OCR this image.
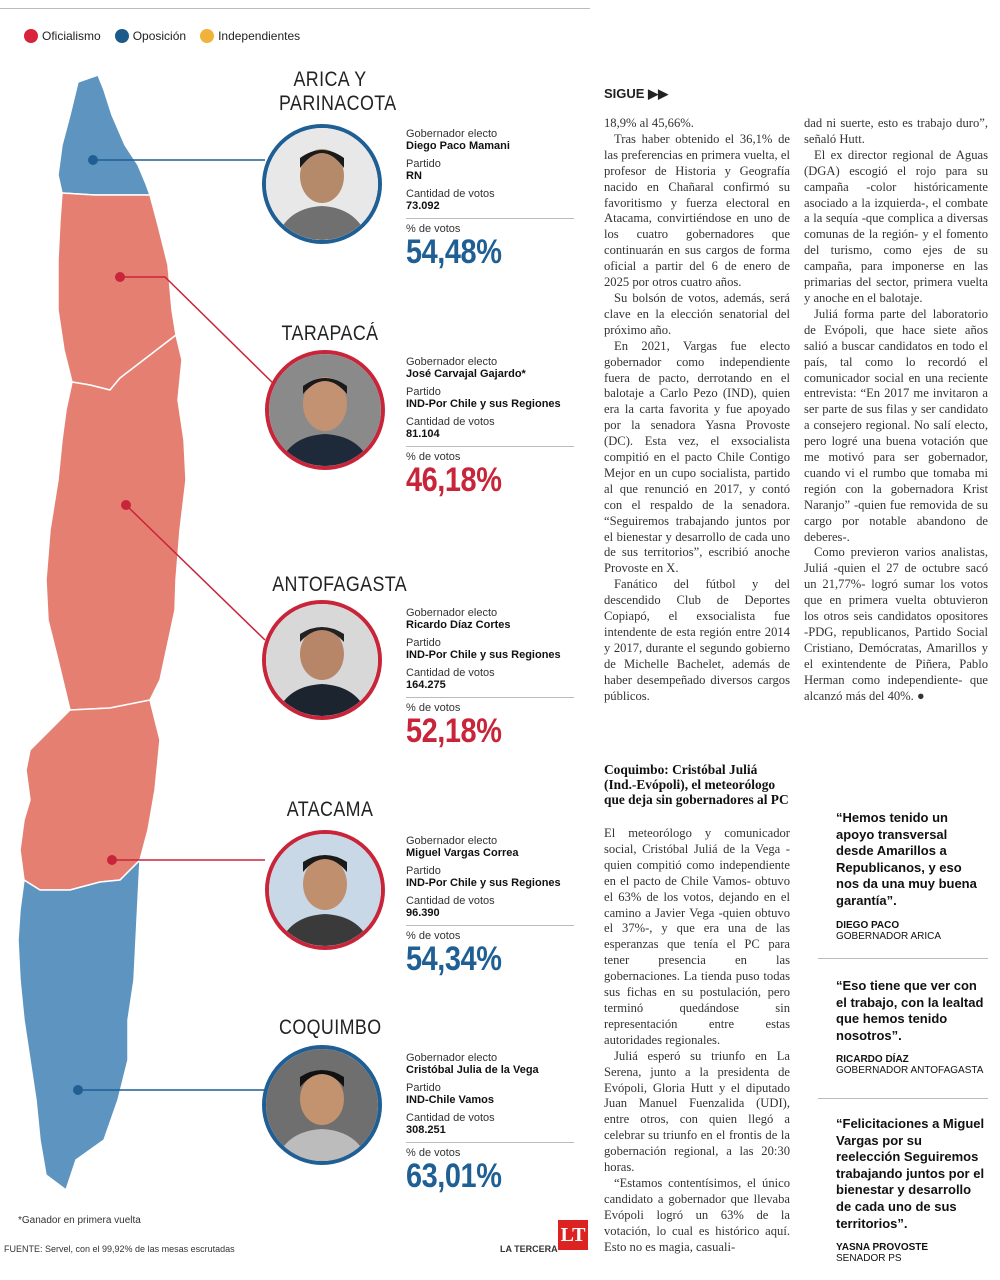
Oficialismo	Oposición	Independientes
ARICA Y
PARINACOTA
Gobernador electo
Diego Paco Mamani
Partido
RN
Cantidad de votos
73.092
% de votos
54,48%
TARAPACÁ
Gobernador electo
José Carvajal Gajardo*
Partido
IND-Por Chile y sus Regiones
Cantidad de votos
81.104
% de votos
46,18%
ANTOFAGASTA
Gobernador electo
Ricardo Díaz Cortes
Partido
IND-Por Chile y sus Regiones
Cantidad de votos
164.275
% de votos
52,18%
ATACAMA
Gobernador electo
Miguel Vargas Correa
Partido
IND-Por Chile y sus Regiones
Cantidad de votos
96.390
% de votos
54,34%
COQUIMBO
Gobernador electo
Cristóbal Julia de la Vega
Partido
IND-Chile Vamos
Cantidad de votos
308.251
% de votos
63,01%
*Ganador en primera vuelta
FUENTE: Servel, con el 99,92% de las mesas escrutadas	LA TERCERA
LT
SIGUE ▶▶

18,9% al 45,66%.

Tras haber obtenido el 36,1% de las preferencias en primera vuelta, el profesor de Historia y Geografía nacido en Chañaral confirmó su favoritismo y fuerza electoral en Atacama, convirtiéndose en uno de los cuatro gobernadores que continuarán en sus cargos de forma oficial a partir del 6 de enero de 2025 por otros cuatro años.

Su bolsón de votos, además, será clave en la elección senatorial del próximo año.

En 2021, Vargas fue electo gobernador como independiente fuera de pacto, derrotando en el balotaje a Carlo Pezo (IND), quien era la carta favorita y fue apoyado por la senadora Yasna Provoste (DC). Esta vez, el exsocialista compitió en el pacto Chile Contigo Mejor en un cupo socialista, partido al que renunció en 2017, y contó con el respaldo de la senadora. “Seguiremos trabajando juntos por el bienestar y desarrollo de cada uno de sus territorios”, escribió anoche Provoste en X.

Fanático del fútbol y del descendido Club de Deportes Copiapó, el exsocialista fue intendente de esta región entre 2014 y 2017, durante el segundo gobierno de Michelle Bachelet, además de haber desempeñado diversos cargos públicos.

Coquimbo: Cristóbal Juliá (Ind.-Evópoli), el meteorólogo que deja sin gobernadores al PC

El meteorólogo y comunicador social, Cristóbal Juliá de la Vega -quien compitió como independiente en el pacto de Chile Vamos- obtuvo el 63% de los votos, dejando en el camino a Javier Vega -quien obtuvo el 37%-, y que era una de las esperanzas que tenía el PC para tener presencia en las gobernaciones. La tienda puso todas sus fichas en su postulación, pero terminó quedándose sin representación entre estas autoridades regionales.

Juliá esperó su triunfo en La Serena, junto a la presidenta de Evópoli, Gloria Hutt y el diputado Juan Manuel Fuenzalida (UDI), entre otros, con quien llegó a celebrar su triunfo en el frontis de la gobernación regional, a las 20:30 horas.

“Estamos contentísimos, el único candidato a gobernador que llevaba Evópoli logró un 63% de la votación, lo cual es histórico aquí. Esto no es magia, casuali-

dad ni suerte, esto es trabajo duro”, señaló Hutt.

El ex director regional de Aguas (DGA) escogió el rojo para su campaña -color históricamente asociado a la izquierda-, el combate a la sequía -que complica a diversas comunas de la región- y el fomento del turismo, como ejes de su campaña, para imponerse en las primarias del sector, primera vuelta y anoche en el balotaje.

Juliá forma parte del laboratorio de Evópoli, que hace siete años salió a buscar candidatos en todo el país, tal como lo recordó el comunicador social en una reciente entrevista: “En 2017 me invitaron a ser parte de sus filas y ser candidato a consejero regional. No salí electo, pero logré una buena votación que me motivó para ser gobernador, cuando vi el rumbo que tomaba mi región con la gobernadora Krist Naranjo” -quien fue removida de su cargo por notable abandono de deberes-.

Como previeron varios analistas, Juliá -quien el 27 de octubre sacó un 21,77%- logró sumar los votos que en primera vuelta obtuvieron los otros seis candidatos opositores -PDG, republicanos, Partido Social Cristiano, Demócratas, Amarillos y el exintendente de Piñera, Pablo Herman como independiente- que alcanzó más del 40%. ●

“Hemos tenido un apoyo transversal desde Amarillos a Republicanos, y eso nos da una muy buena garantía”.
DIEGO PACO
GOBERNADOR ARICA
“Eso tiene que ver con el trabajo, con la lealtad que hemos tenido nosotros”.
RICARDO DÍAZ
GOBERNADOR ANTOFAGASTA
“Felicitaciones a Miguel Vargas por su reelección Seguiremos trabajando juntos por el bienestar y desarrollo de cada uno de sus territorios”.
YASNA PROVOSTE
SENADOR PS
